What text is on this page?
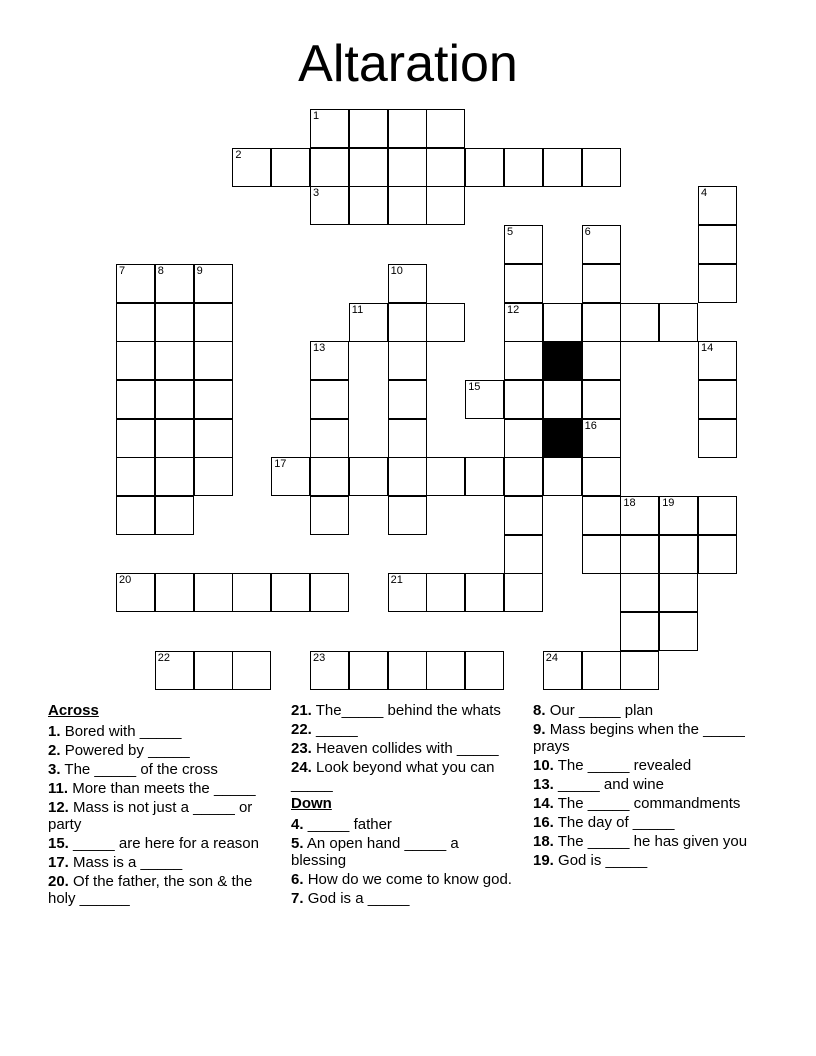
Altaration
1
2
3	4
5	6
7	8	9	10
11	12
13	14
15
16
17
18 19
20	21
22	23	24
Across
1. Bored with _____
2. Powered by _____
3. The _____ of the cross
11. More than meets the _____
12. Mass is not just a _____ or party
15. _____ are here for a reason
17. Mass is a _____
20. Of the father, the son & the holy ______
21. The_____ behind the whats
22. _____
23. Heaven collides with _____
24. Look beyond what you can _____
Down
4. _____ father
5. An open hand _____ a blessing
6. How do we come to know god.
7. God is a _____
8. Our _____ plan
9. Mass begins when the _____ prays
10. The _____ revealed
13. _____ and wine
14. The _____ commandments
16. The day of _____
18. The _____ he has given you
19. God is _____
